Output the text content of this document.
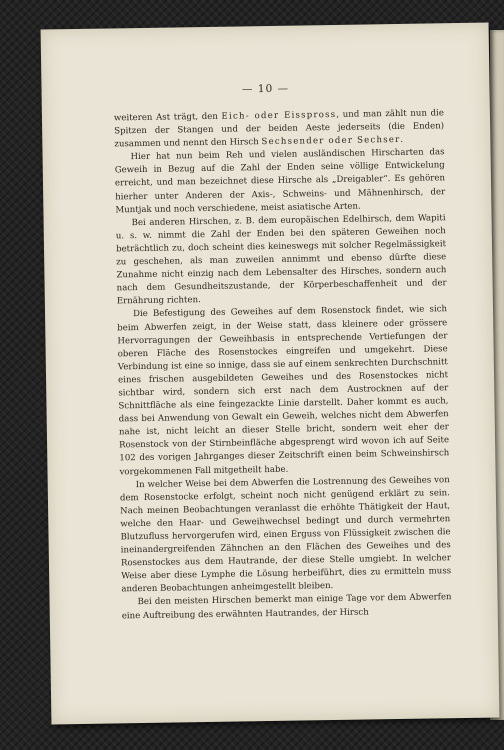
— 10 —

weiteren Ast trägt, den Eich- oder Eisspross, und man zählt nun die Spitzen der Stangen und der beiden Aeste jederseits (die Enden) zusammen und nennt den Hirsch Sechsender oder Sechser.

Hier hat nun beim Reh und vielen ausländischen Hirscharten das Geweih in Bezug auf die Zahl der Enden seine völlige Entwickelung erreicht, und man bezeichnet diese Hirsche als „Dreigabler“. Es gehören hierher unter Anderen der Axis-, Schweins- und Mähnenhirsch, der Muntjak und noch verschiedene, meist asiatische Arten.

Bei anderen Hirschen, z. B. dem europäischen Edelhirsch, dem Wapiti u. s. w. nimmt die Zahl der Enden bei den späteren Geweihen noch beträchtlich zu, doch scheint dies keineswegs mit solcher Regelmässigkeit zu geschehen, als man zuweilen annimmt und ebenso dürfte diese Zunahme nicht einzig nach dem Lebensalter des Hirsches, sondern auch nach dem Gesundheitszustande, der Körperbeschaffenheit und der Ernährung richten.

Die Befestigung des Geweihes auf dem Rosenstock findet, wie sich beim Abwerfen zeigt, in der Weise statt, dass kleinere oder grössere Hervorragungen der Geweihbasis in entsprechende Vertiefungen der oberen Fläche des Rosenstockes eingreifen und umgekehrt. Diese Verbindung ist eine so innige, dass sie auf einem senkrechten Durchschnitt eines frischen ausgebildeten Geweihes und des Rosenstockes nicht sichtbar wird, sondern sich erst nach dem Austrocknen auf der Schnittfläche als eine feingezackte Linie darstellt. Daher kommt es auch, dass bei Anwendung von Gewalt ein Geweih, welches nicht dem Abwerfen nahe ist, nicht leicht an dieser Stelle bricht, sondern weit eher der Rosenstock von der Stirnbeinfläche abgesprengt wird wovon ich auf Seite 102 des vorigen Jahrganges dieser Zeitschrift einen beim Schweinshirsch vorgekommenen Fall mitgetheilt habe.

In welcher Weise bei dem Abwerfen die Lostrennung des Geweihes von dem Rosenstocke erfolgt, scheint noch nicht genügend erklärt zu sein. Nach meinen Beobachtungen veranlasst die erhöhte Thätigkeit der Haut, welche den Haar- und Geweihwechsel bedingt und durch vermehrten Blutzufluss hervorgerufen wird, einen Erguss von Flüssigkeit zwischen die ineinandergreifenden Zähnchen an den Flächen des Geweihes und des Rosenstockes aus dem Hautrande, der diese Stelle umgiebt. In welcher Weise aber diese Lymphe die Lösung herbeiführt, dies zu ermitteln muss anderen Beobachtungen anheimgestellt bleiben.

Bei den meisten Hirschen bemerkt man einige Tage vor dem Abwerfen eine Auftreibung des erwähnten Hautrandes, der Hirsch
